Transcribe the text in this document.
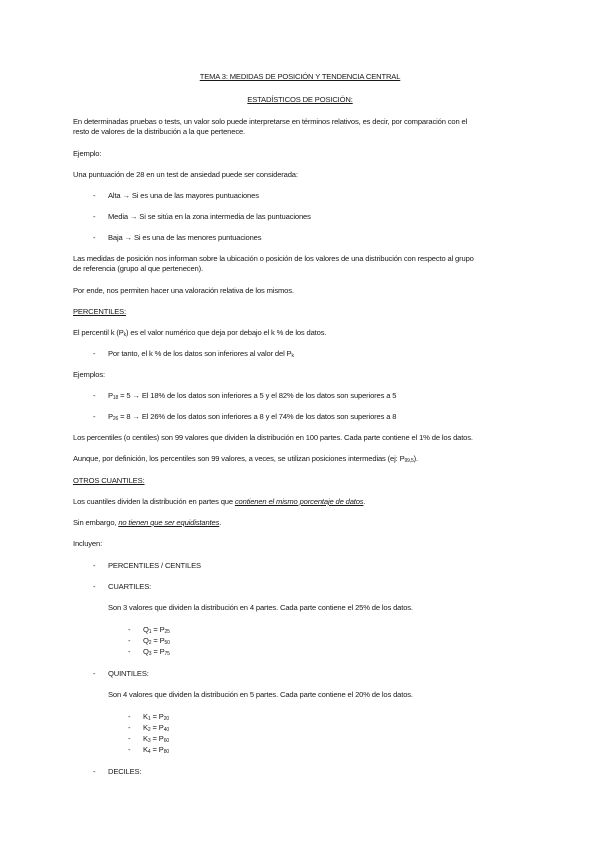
TEMA 3: MEDIDAS DE POSICIÓN Y TENDENCIA CENTRAL
ESTADÍSTICOS DE POSICIÓN:
En determinadas pruebas o tests, un valor solo puede interpretarse en términos relativos, es decir, por comparación con el
resto de valores de la distribución a la que pertenece.
Ejemplo:
Una puntuación de 28 en un test de ansiedad puede ser considerada:
- Alta → Si es una de las mayores puntuaciones
- Media → Si se sitúa en la zona intermedia de las puntuaciones
- Baja → Si es una de las menores puntuaciones
Las medidas de posición nos informan sobre la ubicación o posición de los valores de una distribución con respecto al grupo
de referencia (grupo al que pertenecen).
Por ende, nos permiten hacer una valoración relativa de los mismos.
PERCENTILES:
El percentil k $(P_k)$ es el valor numérico que deja por debajo el k % de los datos.
- Por tanto, el k % de los datos son inferiores al valor del $P_k$
Ejemplos:
- $P_{18} = 5 \to El$ 18% de los datos son inferiores a 5 y el 82% de los datos son superiores a 5
- $P_{26} = 8 \to El$ 26% de los datos son inferiores a 8 y el 74% de los datos son superiores a 8
Los percentiles (o centiles) son 99 valores que dividen la distribución en 100 partes. Cada parte contiene el 1% de los datos.
Aunque, por definición, los percentiles son 99 valores, a veces, se utilizan posiciones intermedias (ej: $P_{99,5}$).
OTROS CUANTILES:
Los cuantiles dividen la distribución en partes que contienen el mismo porcentaje de datos.
Sin embargo, no tienen que ser equidistantes.
Incluyen:
- PERCENTILES / CENTILES
- CUARTILES:
Son 3 valores que dividen la distribución en 4 partes. Cada parte contiene el 25% de los datos.
- $Q_1 = P_{25}$
- $Q_2 = P_{50}$
- $Q_3 = P_{75}$
- QUINTILES:
Son 4 valores que dividen la distribución en 5 partes. Cada parte contiene el 20% de los datos.
- $K_1 = P_{20}$
- $K_2 = P_{40}$
- $K_3 = P_{60}$
- $K_4 = P_{80}$
- DECILES:
